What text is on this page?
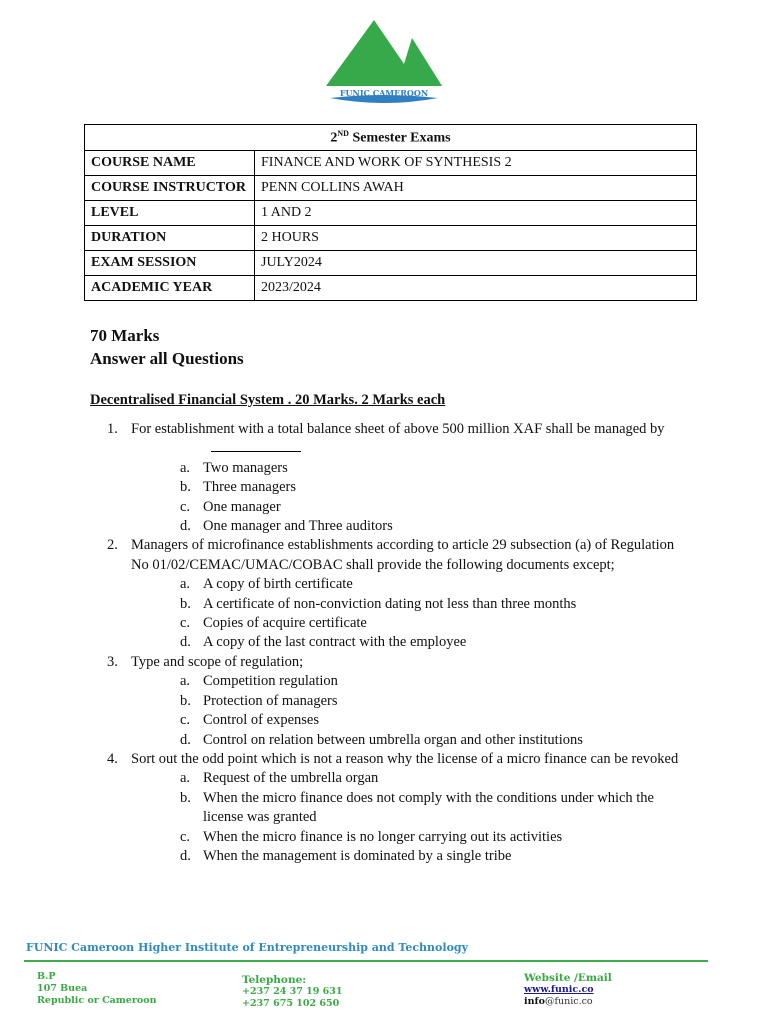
FUNIC CAMEROON
2ND Semester Exams	
COURSE NAME	FINANCE AND WORK OF SYNTHESIS 2
COURSE INSTRUCTOR	PENN COLLINS AWAH
LEVEL	1 AND 2
DURATION	2 HOURS
EXAM SESSION	JULY2024
ACADEMIC YEAR	2023/2024
70 Marks
Answer all Questions
Decentralised Financial System . 20 Marks. 2 Marks each
1. For establishment with a total balance sheet of above 500 million XAF shall be managed by
a. Two managers
b. Three managers
c. One manager
d. One manager and Three auditors
2. Managers of microfinance establishments according to article 29 subsection (a) of Regulation No 01/02/CEMAC/UMAC/COBAC shall provide the following documents except;
a. A copy of birth certificate
b. A certificate of non-conviction dating not less than three months
c. Copies of acquire certificate
d. A copy of the last contract with the employee
3. Type and scope of regulation;
a. Competition regulation
b. Protection of managers
c. Control of expenses
d. Control on relation between umbrella organ and other institutions
4. Sort out the odd point which is not a reason why the license of a micro finance can be revoked
a. Request of the umbrella organ
b. When the micro finance does not comply with the conditions under which the license was granted
c. When the micro finance is no longer carrying out its activities
d. When the management is dominated by a single tribe
FUNIC Cameroon Higher Institute of Entrepreneurship and Technology
B.P
107 Buea
Republic or Cameroon
Telephone:
+237 24 37 19 631
+237 675 102 650
Website /Email
www.funic.co
info@funic.co
